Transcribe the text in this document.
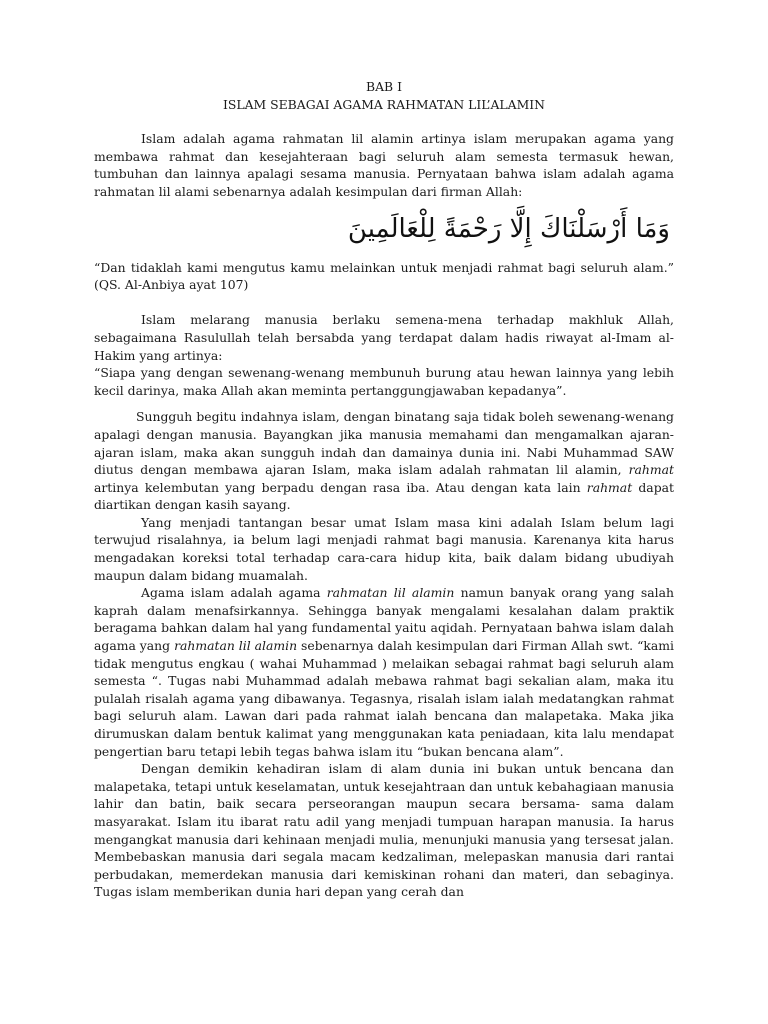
BAB I

ISLAM SEBAGAI AGAMA RAHMATAN LIL’ALAMIN

Islam adalah agama rahmatan lil alamin artinya islam merupakan agama yang membawa rahmat dan kesejahteraan bagi seluruh alam semesta termasuk hewan, tumbuhan dan lainnya apalagi sesama manusia. Pernyataan bahwa islam adalah agama rahmatan lil alami sebenarnya adalah kesimpulan dari firman Allah:

وَمَا أَرْسَلْنَاكَ إِلَّا رَحْمَةً لِلْعَالَمِينَ

“Dan tidaklah kami mengutus kamu melainkan untuk menjadi rahmat bagi seluruh alam.” (QS. Al-Anbiya ayat 107)

Islam melarang manusia berlaku semena-mena terhadap makhluk Allah, sebagaimana Rasulullah telah bersabda yang terdapat dalam hadis riwayat al-Imam al-Hakim yang artinya:

“Siapa yang dengan sewenang-wenang membunuh burung atau hewan lainnya yang lebih kecil darinya, maka Allah akan meminta pertanggungjawaban kepadanya”.

Sungguh begitu indahnya islam, dengan binatang saja tidak boleh sewenang-wenang apalagi dengan manusia. Bayangkan jika manusia memahami dan mengamalkan ajaran-ajaran islam, maka akan sungguh indah dan damainya dunia ini. Nabi Muhammad SAW diutus dengan membawa ajaran Islam, maka islam adalah rahmatan lil alamin, rahmat artinya kelembutan yang berpadu dengan rasa iba. Atau dengan kata lain rahmat dapat diartikan dengan kasih sayang.

Yang menjadi tantangan besar umat Islam masa kini adalah Islam belum lagi terwujud risalahnya, ia belum lagi menjadi rahmat bagi manusia. Karenanya kita harus mengadakan koreksi total terhadap cara-cara hidup kita, baik dalam bidang ubudiyah maupun dalam bidang muamalah.

Agama islam adalah agama rahmatan lil alamin namun banyak orang yang salah kaprah dalam menafsirkannya. Sehingga banyak mengalami kesalahan dalam praktik beragama bahkan dalam hal yang fundamental yaitu aqidah. Pernyataan bahwa islam dalah agama yang rahmatan lil alamin sebenarnya dalah kesimpulan dari Firman Allah swt. “kami tidak mengutus engkau ( wahai Muhammad ) melaikan sebagai rahmat bagi seluruh alam semesta “. Tugas nabi Muhammad adalah mebawa rahmat bagi sekalian alam, maka itu pulalah risalah agama yang dibawanya. Tegasnya, risalah islam ialah medatangkan rahmat bagi seluruh alam. Lawan dari pada rahmat ialah bencana dan malapetaka. Maka jika dirumuskan dalam bentuk kalimat yang menggunakan kata peniadaan, kita lalu mendapat pengertian baru tetapi lebih tegas bahwa islam itu “bukan bencana alam”.

Dengan demikin kehadiran islam di alam dunia ini bukan untuk bencana dan malapetaka, tetapi untuk keselamatan, untuk kesejahtraan dan untuk kebahagiaan manusia lahir dan batin, baik secara perseorangan maupun secara bersama- sama dalam masyarakat. Islam itu ibarat ratu adil yang menjadi tumpuan harapan manusia. Ia harus mengangkat manusia dari kehinaan menjadi mulia, menunjuki manusia yang tersesat jalan. Membebaskan manusia dari segala macam kedzaliman, melepaskan manusia dari rantai perbudakan, memerdekan manusia dari kemiskinan rohani dan materi, dan sebaginya. Tugas islam memberikan dunia hari depan yang cerah dan
